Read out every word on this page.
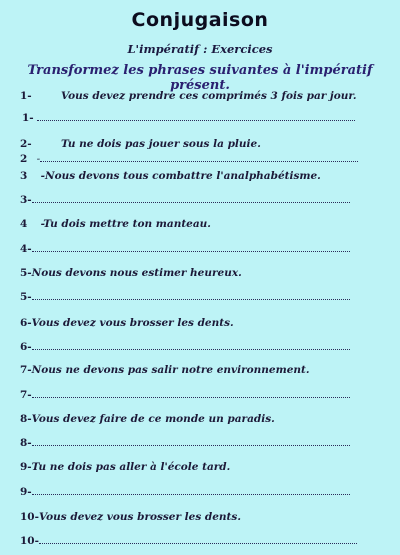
Conjugaison
L'impératif : Exercices
Transformez les phrases suivantes à l'impératif présent.
1-	Vous devez prendre ces comprimés 3 fois par jour.
1-
2-	Tu ne dois pas jouer sous la pluie.
2 -
3 -Nous devons tous combattre l'analphabétisme.
3-
4 -Tu dois mettre ton manteau.
4-
5-Nous devons nous estimer heureux.
5-
6-Vous devez vous brosser les dents.
6-
7-Nous ne devons pas salir notre environnement.
7-
8-Vous devez faire de ce monde un paradis.
8-
9-Tu ne dois pas aller à l'école tard.
9-
10-Vous devez vous brosser les dents.
10-
